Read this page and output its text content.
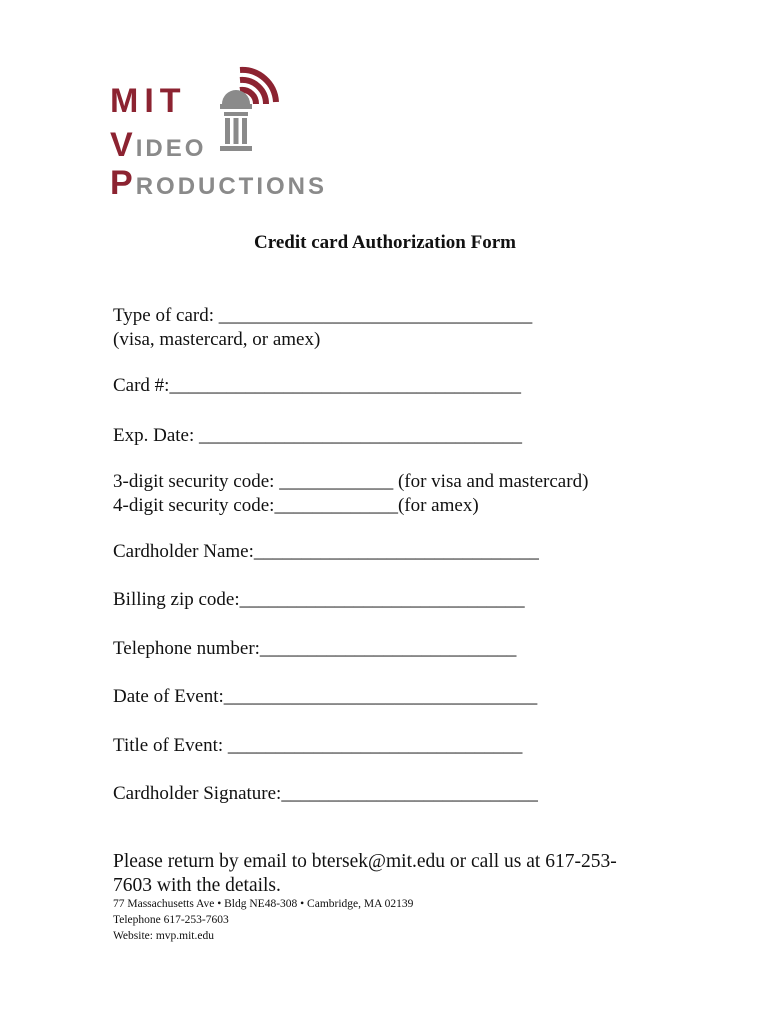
MIT
VIDEO
PRODUCTIONS
Credit card Authorization Form
Type of card: _________________________________
(visa, mastercard, or amex)
Card #:_____________________________________
Exp. Date: __________________________________
3-digit security code: ____________ (for visa and mastercard)
4-digit security code:_____________(for amex)
Cardholder Name:______________________________
Billing zip code:______________________________
Telephone number:___________________________
Date of Event:_________________________________
Title of Event: _______________________________
Cardholder Signature:___________________________
Please return by email to btersek@mit.edu or call us at 617-253-7603 with the details.
77 Massachusetts Ave • Bldg NE48-308 • Cambridge, MA 02139
Telephone 617-253-7603
Website: mvp.mit.edu
